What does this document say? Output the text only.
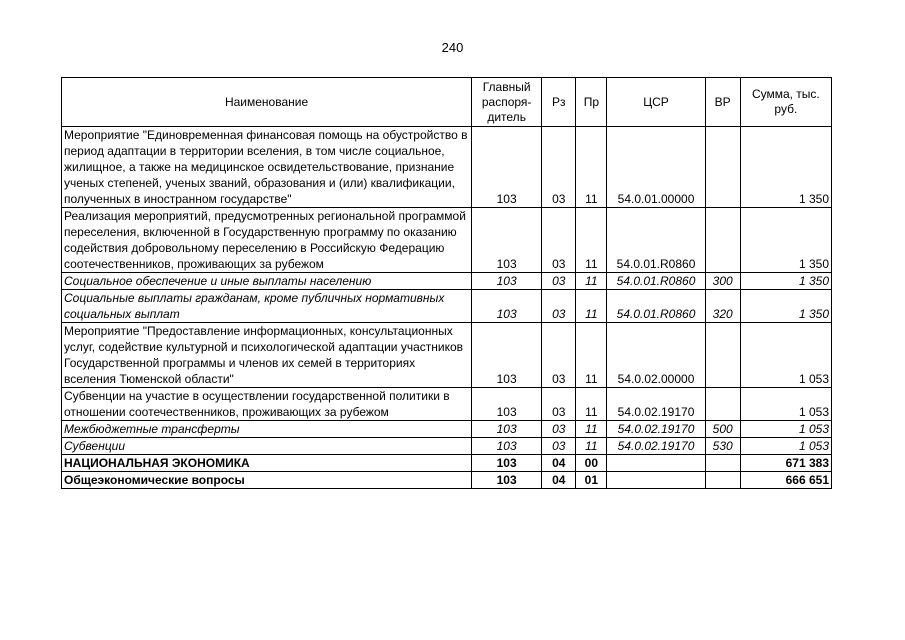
240
Наименование	Главный распоря-дитель	Рз	Пр	ЦСР	ВР	Сумма, тыс. руб.
Мероприятие "Единовременная финансовая помощь на обустройство в период адаптации в территории вселения, в том числе социальное, жилищное, а также на медицинское освидетельствование, признание ученых степеней, ученых званий, образования и (или) квалификации, полученных в иностранном государстве"	103	03	11	54.0.01.00000		1 350
Реализация мероприятий, предусмотренных региональной программой переселения, включенной в Государственную программу по оказанию содействия добровольному переселению в Российскую Федерацию соотечественников, проживающих за рубежом	103	03	11	54.0.01.R0860		1 350
Социальное обеспечение и иные выплаты населению	103	03	11	54.0.01.R0860	300	1 350
Социальные выплаты гражданам, кроме публичных нормативных социальных выплат	103	03	11	54.0.01.R0860	320	1 350
Мероприятие "Предоставление информационных, консультационных услуг, содействие культурной и психологической адаптации участников Государственной программы и членов их семей в территориях вселения Тюменской области"	103	03	11	54.0.02.00000		1 053
Субвенции на участие в осуществлении государственной политики в отношении соотечественников, проживающих за рубежом	103	03	11	54.0.02.19170		1 053
Межбюджетные трансферты	103	03	11	54.0.02.19170	500	1 053
Субвенции	103	03	11	54.0.02.19170	530	1 053
НАЦИОНАЛЬНАЯ ЭКОНОМИКА	103	04	00			671 383
Общеэкономические вопросы	103	04	01			666 651
